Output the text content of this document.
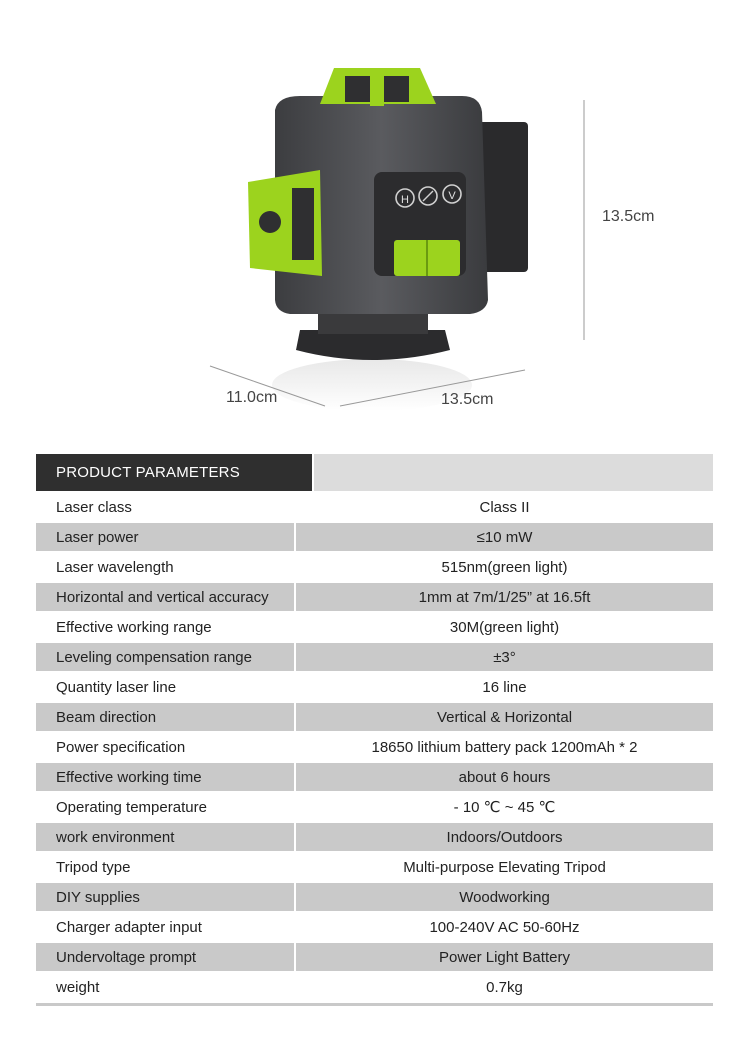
H	V
13.5cm
11.0cm	13.5cm
PRODUCT PARAMETERS
Laser class	Class II
Laser power	≤10 mW
Laser wavelength	515nm(green light)
Horizontal and vertical accuracy	1mm at 7m/1/25” at 16.5ft
Effective working range	30M(green light)
Leveling compensation range	±3°
Quantity laser line	16 line
Beam direction	Vertical & Horizontal
Power specification	18650 lithium battery pack 1200mAh * 2
Effective working time	about 6 hours
Operating temperature	- 10 ℃ ~ 45 ℃
work environment	Indoors/Outdoors
Tripod type	Multi-purpose Elevating Tripod
DIY supplies	Woodworking
Charger adapter input	100-240V AC 50-60Hz
Undervoltage prompt	Power Light Battery
weight	0.7kg
